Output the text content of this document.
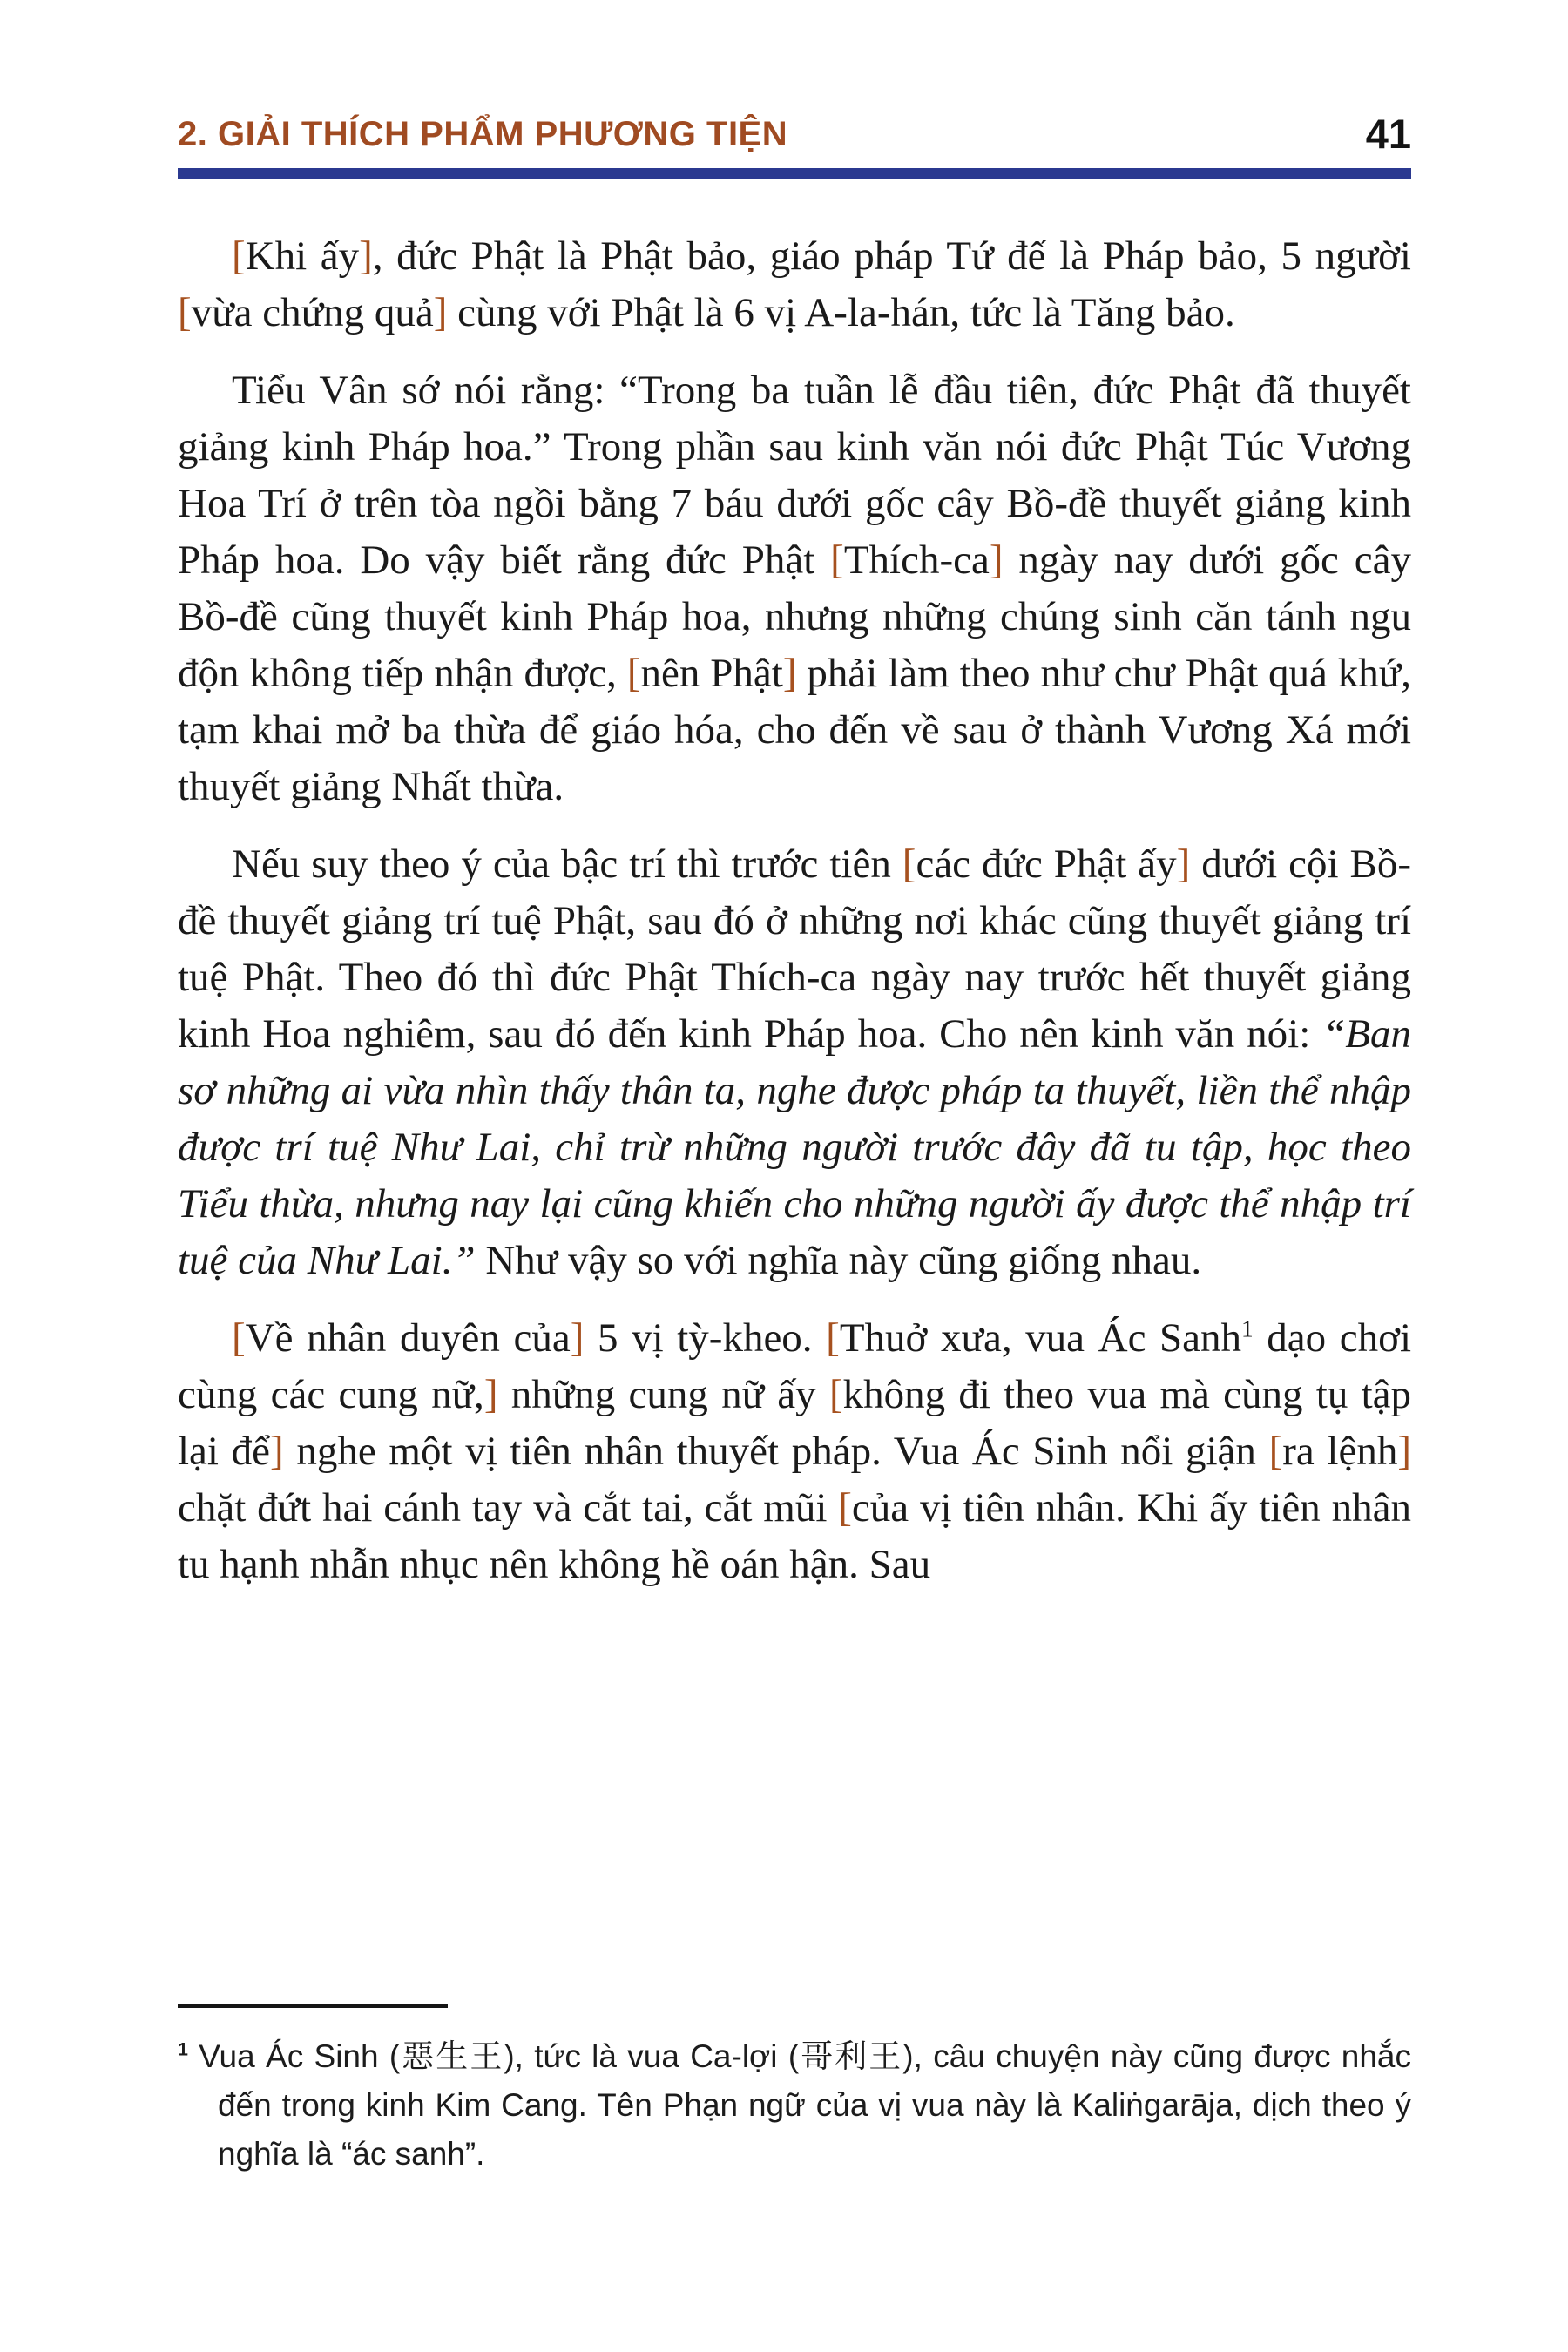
2. GIẢI THÍCH PHẨM PHƯƠNG TIỆN	41

[Khi ấy], đức Phật là Phật bảo, giáo pháp Tứ đế là Pháp bảo, 5 người [vừa chứng quả] cùng với Phật là 6 vị A-la-hán, tức là Tăng bảo.

Tiểu Vân sớ nói rằng: “Trong ba tuần lễ đầu tiên, đức Phật đã thuyết giảng kinh Pháp hoa.” Trong phần sau kinh văn nói đức Phật Túc Vương Hoa Trí ở trên tòa ngồi bằng 7 báu dưới gốc cây Bồ-đề thuyết giảng kinh Pháp hoa. Do vậy biết rằng đức Phật [Thích-ca] ngày nay dưới gốc cây Bồ-đề cũng thuyết kinh Pháp hoa, nhưng những chúng sinh căn tánh ngu độn không tiếp nhận được, [nên Phật] phải làm theo như chư Phật quá khứ, tạm khai mở ba thừa để giáo hóa, cho đến về sau ở thành Vương Xá mới thuyết giảng Nhất thừa.

Nếu suy theo ý của bậc trí thì trước tiên [các đức Phật ấy] dưới cội Bồ-đề thuyết giảng trí tuệ Phật, sau đó ở những nơi khác cũng thuyết giảng trí tuệ Phật. Theo đó thì đức Phật Thích-ca ngày nay trước hết thuyết giảng kinh Hoa nghiêm, sau đó đến kinh Pháp hoa. Cho nên kinh văn nói: “Ban sơ những ai vừa nhìn thấy thân ta, nghe được pháp ta thuyết, liền thể nhập được trí tuệ Như Lai, chỉ trừ những người trước đây đã tu tập, học theo Tiểu thừa, nhưng nay lại cũng khiến cho những người ấy được thể nhập trí tuệ của Như Lai.” Như vậy so với nghĩa này cũng giống nhau.

[Về nhân duyên của] 5 vị tỳ-kheo. [Thuở xưa, vua Ác Sanh$^1$ dạo chơi cùng các cung nữ,] những cung nữ ấy [không đi theo vua mà cùng tụ tập lại để] nghe một vị tiên nhân thuyết pháp. Vua Ác Sinh nổi giận [ra lệnh] chặt đứt hai cánh tay và cắt tai, cắt mũi [của vị tiên nhân. Khi ấy tiên nhân tu hạnh nhẫn nhục nên không hề oán hận. Sau

$^1$ Vua Ác Sinh (惡生王), tức là vua Ca-lợi (哥利王), câu chuyện này cũng được nhắc đến trong kinh Kim Cang. Tên Phạn ngữ của vị vua này là Kaliṅgarāja, dịch theo ý nghĩa là “ác sanh”.
